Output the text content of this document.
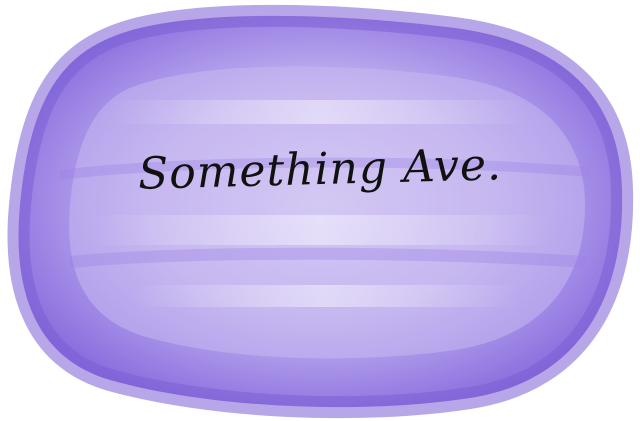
Something Ave.
